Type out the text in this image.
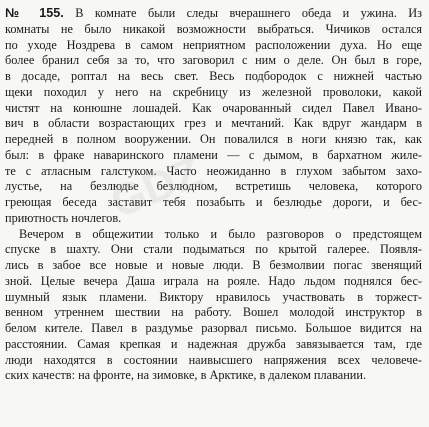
GDZ
№ 155. В комнате были следы вчерашнего обеда и ужина. Из
комнаты не было никакой возможности выбраться. Чичиков остался
по уходе Ноздрева в самом неприятном расположении духа. Но еще
более бранил себя за то, что заговорил с ним о деле. Он был в горе,
в досаде, роптал на весь свет. Весь подбородок с нижней частью
щеки походил у него на скребницу из железной проволоки, какой
чистят на конюшне лошадей. Как очарованный сидел Павел Ивано-
вич в области возрастающих грез и мечтаний. Как вдруг жандарм в
передней в полном вооружении. Он повалился в ноги князю так, как
был: в фраке наваринского пламени — с дымом, в бархатном жиле-
те с атласным галстуком. Часто неожиданно в глухом забытом захо-
лустье, на безлюдье безлюдном, встретишь человека, которого
греющая беседа заставит тебя позабыть и безлюдье дороги, и бес-
приютность ночлегов.
Вечером в общежитии только и было разговоров о предстоящем
спуске в шахту. Они стали подыматься по крытой галерее. Появля-
лись в забое все новые и новые люди. В безмолвии погас звенящий
зной. Целые вечера Даша играла на рояле. Надо льдом поднялся бес-
шумный язык пламени. Виктору нравилось участвовать в торжест-
венном утреннем шествии на работу. Вошел молодой инструктор в
белом кителе. Павел в раздумье разорвал письмо. Большое видится на
расстоянии. Самая крепкая и надежная дружба завязывается там, где
люди находятся в состоянии наивысшего напряжения всех человече-
ских качеств: на фронте, на зимовке, в Арктике, в далеком плавании.
